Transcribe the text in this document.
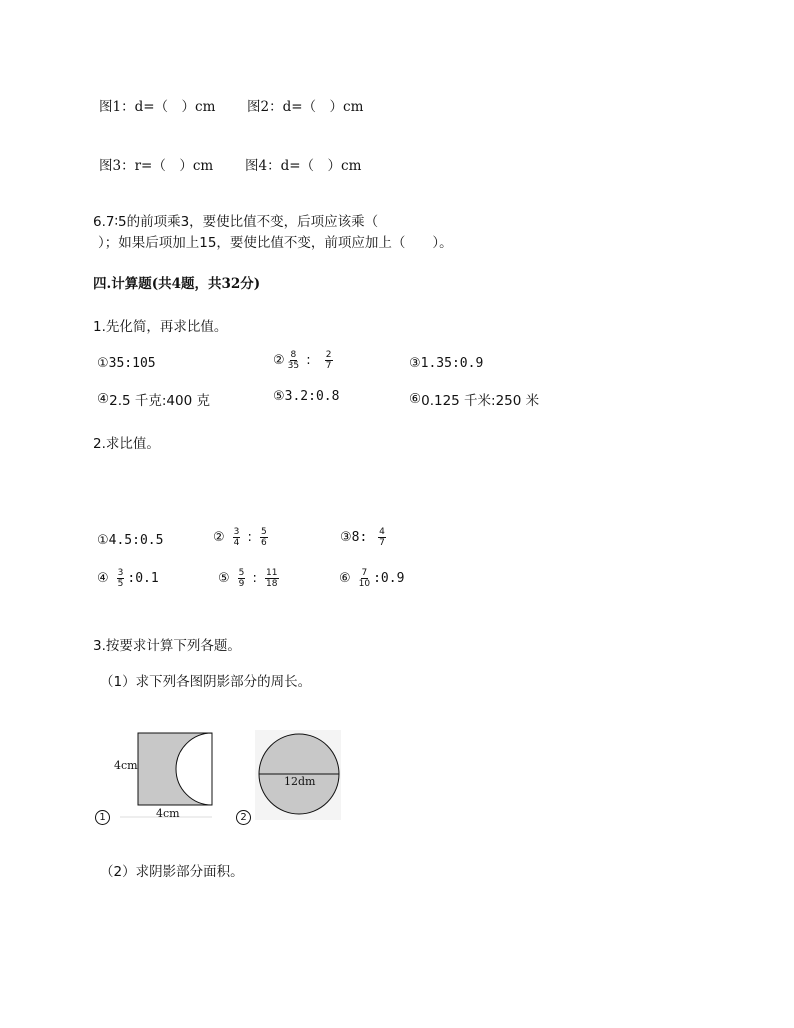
图1：d=（　）cm 图2：d=（　）cm
图3：r=（　）cm 图4：d=（　）cm
6.7∶5的前项乘3，要使比值不变，后项应该乘（
）；如果后项加上15，要使比值不变，前项应加上（　　）。
四.计算题(共4题，共32分)
1.先化简，再求比值。
① 35:105	② $\frac{8}{35}$ : $\frac{2}{7}$	③ 1.35:0.9
④ 2.5 千克:400 克	⑤ 3.2:0.8	⑥ 0.125 千米:250 米
2.求比值。
① 4.5:0.5	② $\frac{3}{4}$ : $\frac{5}{6}$	③ 8: $\frac{4}{7}$
④ $\frac{3}{5}$ :0.1	⑤ $\frac{5}{9}$ : $\frac{11}{18}$	⑥ $\frac{7}{10}$ :0.9
3.按要求计算下列各题。
（1）求下列各图阴影部分的周长。
4cm
4cm
1
12dm
2
（2）求阴影部分面积。
